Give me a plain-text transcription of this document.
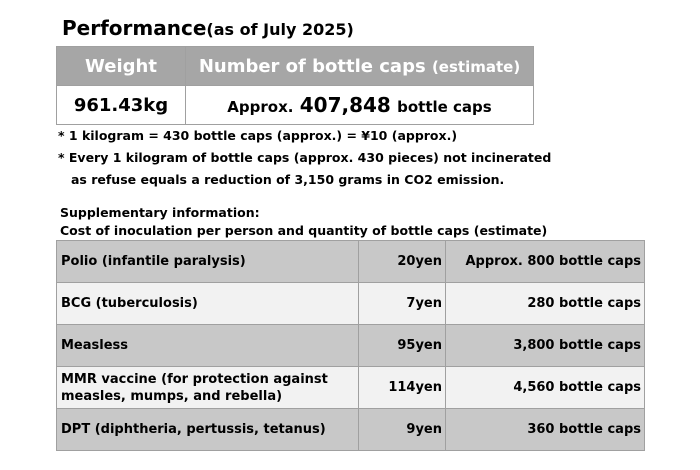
Performance(as of July 2025)
Weight	Number of bottle caps (estimate)
961.43kg	Approx. 407,848 bottle caps
* 1 kilogram = 430 bottle caps (approx.) = ¥10 (approx.)
* Every 1 kilogram of bottle caps (approx. 430 pieces) not incinerated
as refuse equals a reduction of 3,150 grams in CO2 emission.
Supplementary information:
Cost of inoculation per person and quantity of bottle caps (estimate)
Polio (infantile paralysis)	20yen	Approx. 800 bottle caps
BCG (tuberculosis)	7yen	280 bottle caps
Measless	95yen	3,800 bottle caps
MMR vaccine (for protection against
measles, mumps, and rebella)	114yen	4,560 bottle caps
DPT (diphtheria, pertussis, tetanus)	9yen	360 bottle caps
